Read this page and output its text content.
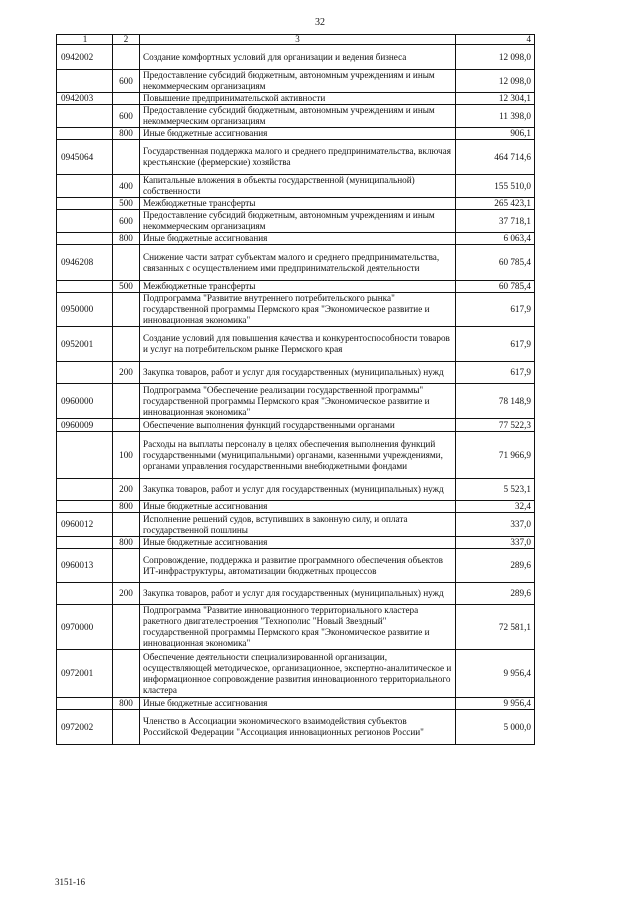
32
1	2	3	4
0942002		Создание комфортных условий для организации и ведения бизнеса	12 098,0
	600	Предоставление субсидий бюджетным, автономным учреждениям и иным некоммерческим организациям	12 098,0
0942003		Повышение предпринимательской активности	12 304,1
	600	Предоставление субсидий бюджетным, автономным учреждениям и иным некоммерческим организациям	11 398,0
	800	Иные бюджетные ассигнования	906,1
0945064		Государственная поддержка малого и среднего предпринимательства, включая крестьянские (фермерские) хозяйства	464 714,6
	400	Капитальные вложения в объекты государственной (муниципальной) собственности	155 510,0
	500	Межбюджетные трансферты	265 423,1
	600	Предоставление субсидий бюджетным, автономным учреждениям и иным некоммерческим организациям	37 718,1
	800	Иные бюджетные ассигнования	6 063,4
0946208		Снижение части затрат субъектам малого и среднего предпринимательства, связанных с осуществлением ими предпринимательской деятельности	60 785,4
	500	Межбюджетные трансферты	60 785,4
0950000		Подпрограмма "Развитие внутреннего потребительского рынка" государственной программы Пермского края "Экономическое развитие и инновационная экономика"	617,9
0952001		Создание условий для повышения качества и конкурентоспособности товаров и услуг на потребительском рынке Пермского края	617,9
	200	Закупка товаров, работ и услуг для государственных (муниципальных) нужд	617,9
0960000		Подпрограмма "Обеспечение реализации государственной программы" государственной программы Пермского края "Экономическое развитие и инновационная экономика"	78 148,9
0960009		Обеспечение выполнения функций государственными органами	77 522,3
	100	Расходы на выплаты персоналу в целях обеспечения выполнения функций государственными (муниципальными) органами, казенными учреждениями, органами управления государственными внебюджетными фондами	71 966,9
	200	Закупка товаров, работ и услуг для государственных (муниципальных) нужд	5 523,1
	800	Иные бюджетные ассигнования	32,4
0960012		Исполнение решений судов, вступивших в законную силу, и оплата государственной пошлины	337,0
	800	Иные бюджетные ассигнования	337,0
0960013		Сопровождение, поддержка и развитие программного обеспечения объектов ИТ-инфраструктуры, автоматизации бюджетных процессов	289,6
	200	Закупка товаров, работ и услуг для государственных (муниципальных) нужд	289,6
0970000		Подпрограмма "Развитие инновационного территориального кластера ракетного двигателестроения "Технополис "Новый Звездный" государственной программы Пермского края "Экономическое развитие и инновационная экономика"	72 581,1
0972001		Обеспечение деятельности специализированной организации, осуществляющей методическое, организационное, экспертно-аналитическое и информационное сопровождение развития инновационного территориального кластера	9 956,4
	800	Иные бюджетные ассигнования	9 956,4
0972002		Членство в Ассоциации экономического взаимодействия субъектов Российской Федерации "Ассоциация инновационных регионов России"	5 000,0
3151-16
